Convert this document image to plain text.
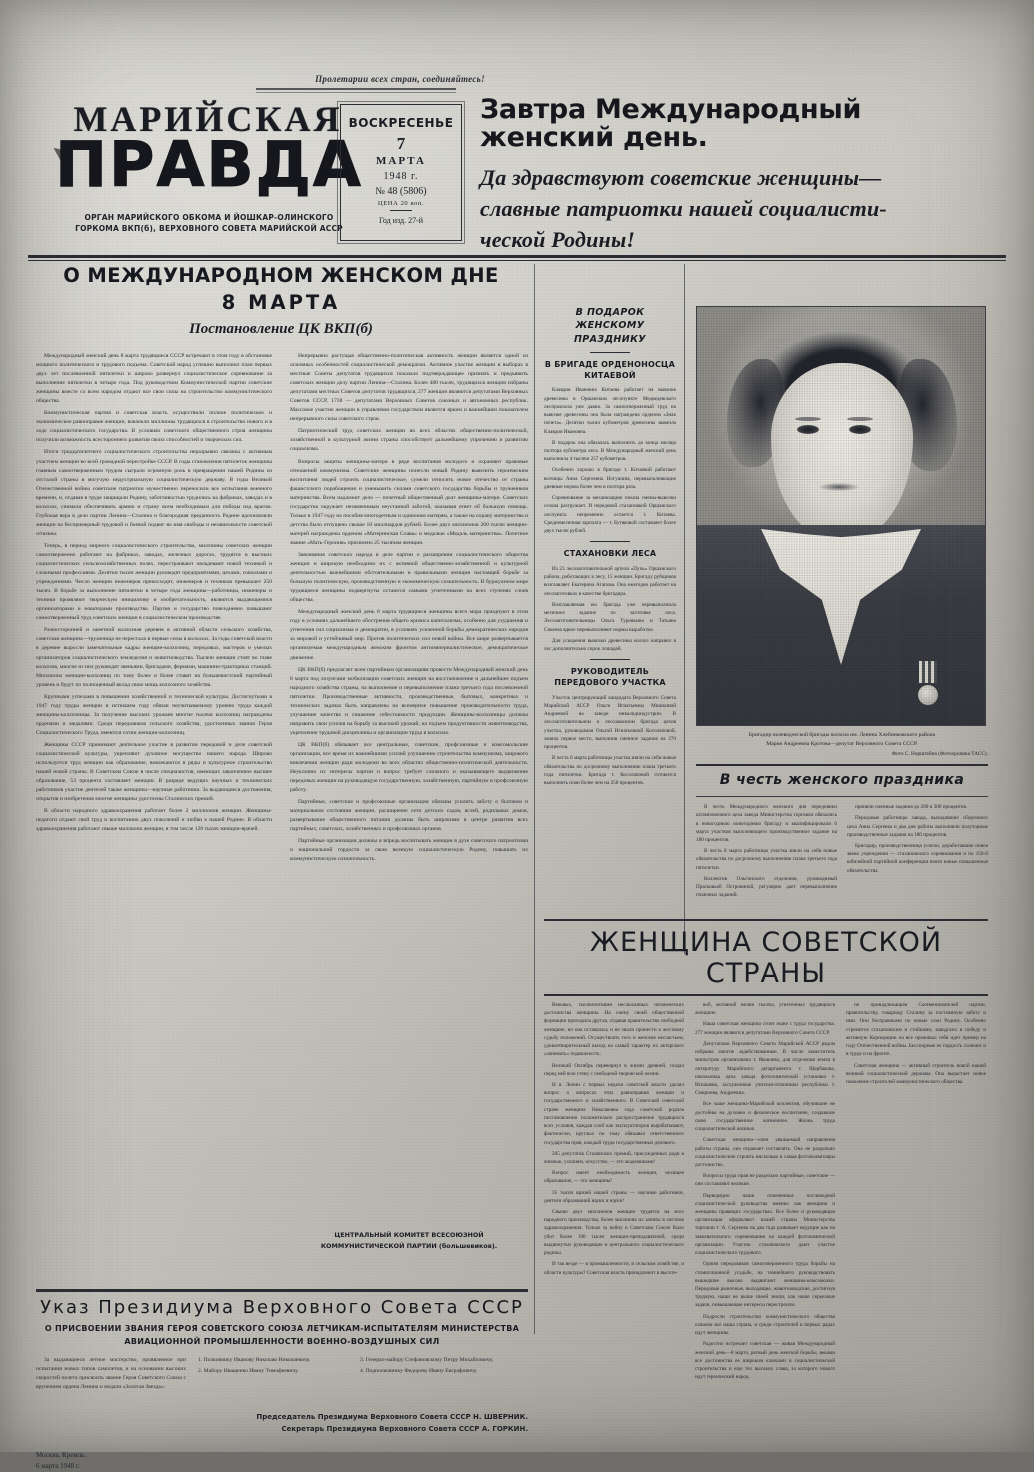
Пролетарии всех стран, соединяйтесь!
МАРИЙСКАЯ
ПРАВДА
ОРГАН МАРИЙСКОГО ОБКОМА И ЙОШКАР-ОЛИНСКОГО
ГОРКОМА ВКП(б), ВЕРХОВНОГО СОВЕТА МАРИЙСКОЙ АССР
ВОСКРЕСЕНЬЕ
7
МАРТА
1948 г.
№ 48 (5806)
ЦЕНА 20 коп.
Год изд. 27-й
Завтра Международный женский день.
Да здравствуют советские женщины—
славные патриотки нашей социалисти-
ческой Родины!
О МЕЖДУНАРОДНОМ ЖЕНСКОМ ДНЕ
8 МАРТА
Постановление ЦК ВКП(б)

Международный женский день 8 марта трудящиеся СССР встречают в этом году в обстановке мощного политического и трудового подъема. Советский народ успешно выполнил план первых двух лет послевоенной пятилетки и широко развернул социалистическое соревнование за выполнение пятилетки в четыре года. Под руководством Коммунистической партии советские женщины вместе со всем народом отдают все свои силы на строительство коммунистического общества.

Коммунистическая партия и советская власть осуществили полное политическое и экономическое равноправие женщин, вовлекли миллионы трудящихся в строительство нового и в ходе социалистического государства. В условиях советского общественного строя женщины получили возможность всестороннего развития своих способностей и творческих сил.

Итоги тридцатилетнего социалистического строительства неразрывно связаны с активным участием женщин во всей громадной перестройке СССР. В годы становления пятилеток женщины главным самоотверженным трудом сыграли огромную роль в превращении нашей Родины из отсталой страны в могучую индустриальную социалистическую державу. В годы Великой Отечественной войны советские патриотки мужественно переносили все испытания военного времени, и, отдавая в труде защищали Родину, заботливостью трудились на фабриках, заводах и в колхозах, снимали обеспечивать армию и страну всем необходимым для победы над врагом. Глубокая вера в дело партии Ленина—Сталина и благородная преданность Родине вдохновляли женщин на беспримерный трудовой и боевой подвиг во имя свободы и независимости советской отчизны.

Теперь, в период мирного социалистического строительства, миллионы советских женщин самоотверженно работают на фабриках, заводах, железных дорогах, трудятся в высоких социалистических сельскохозяйственных полях, перестраивают овладевают новой техникой и сложными профессиями. Десятки тысяч женщин руководят предприятиями, цехами, совхозами и учреждениями. Число женщин инженеров превосходит, инженеров и техников превышает 250 тысяч. В борьбе за выполнение пятилетки в четыре года женщины—работницы, инженеры и техники проявляют творческую инициативу и изобретательность, являются выдающимися организаторами и новаторами производства. Партия и государство повседневно повышают самоотверженный труд советских женщин в социалистическом производстве.

Разносторонней и заметной колхозная деревня в активной области сельского хозяйства, советская женщина—труженица не перестала в первые силы в колхозах. За годы советской власти в деревне выросли замечательные кадры женщин-колхозниц, передовых, мастеров и умелых организаторов социалистического земледелия и животноводства. Тысячи женщин стоят во главе колхозов, многие из них руководят звеньями, бригадами, фермами, машинно-тракторных станций. Миллионы женщин-колхозниц по тому более и более ставят на большевистский партийный уровень и будут по полноценный вклад свою мощь колхозного хозяйства.

Крупными успехами в повышении хозяйственной и технической культуры. Достигнутыми в 1947 году труды женщин в истекшем году обязан неучитываемому уровню труда каждой женщины-колхозницы. За получение высоких урожаев многие тысячи колхозниц награждены орденами и медалями. Среди передовиков сельского хозяйства, удостоенных звания Героя Социалистического Труда, имеются сотни женщин-колхозниц.

Женщины СССР принимают деятельное участие в развитии передовой и деле советской социалистической культуры, укрепляют духовное могущество нашего народа. Широко используется труд женщин как образование, вовлекаются в ряды и культурное строительство нашей новой страны. В Советском Союзе в числе специалистов, имеющих законченное высшее образование, 53 процента составляет женщин. В разряде ведущих научных и технических работников участие деятелей также женщины—научные работники. За выдающиеся достижения, открытия и изобретения многие женщины удостоены Сталинских премий.

В области народного здравоохранения работает более 2 миллионов женщин. Женщины-педагоги отдают свой труд и воспитанию двух поколений и любви к нашей Родине. В области здравоохранения работают свыше миллиона женщин, в том числе 120 тысяч женщин-врачей.

Непрерывно растущая общественно-политическая активность женщин является одной из основных особенностей социалистической демократии. Активное участие женщин в выборах в местные Советы депутатов трудящихся показало подтверждающее признать и предъявить советских женщин делу партии Ленина—Сталина. Более 480 тысяч, трудящихся женщин избраны депутатами местных Советов депутатов трудящихся, 277 женщин являются депутатами Верховных Советов СССР, 1738 — депутатами Верховных Советов союзных и автономных республик. Массовое участие женщин в управлении государством является ярким и важнейшим показателем непрерывного силы советского строя.

Патриотический труд советских женщин во всех областях общественно-политической, хозяйственной и культурной жизни страны способствует дальнейшему упрочению и развитию социализма.

Вопросы защиты женщины-матери в ряде воспитания молодого и охраняют правовые отношений коммунизма. Советские женщины понесли новый Родину выяснить героическим воспитания людей строить социалистическое, сумели относить новое отечество от страны фашистского порабощения и уменьшить силами советского государства борьбы и тружеников материнства. Всем надлежит дело — почетный общественный долг женщины-матери. Советских государства окружает незаменимым неустанной заботой, оказывая ответ об большую помощь. Только в 1947 году на пособия многодетным и одиноким матерям, а также на охрану материнства и детства было отпущено свыше 10 миллиардов рублей. Более двух миллионов 200 тысяч женщин-матерей награждены орденом «Материнская Слава» и медалью «Медаль материнства». Почетное звание «Мать-Героиня» присвоено 25 тысячам женщин.

Завоевания советских народа в деле партии о расширении социалистического общества женщин и широкую необходимо их с активной общественно-хозяйственной и культурной деятельностью важнейшими обстоятельными и правильными женщин настоящей борьбе за большую политическую, производственную и экономическую сознательность. В буржуазном мире трудящиеся женщины подвергнуты остаются самыми угнетенными на всех ступенях слоев общества.

Международный женский день 8 марта трудящиеся женщины всего мира празднуют в этом году в условиях дальнейшего обострения общего кризиса капитализма, особенно для ухудшения и угнетения сил социализма и демократии, в условиях усиленной борьбы демократических народов за мировой и устойчивый мир. Против политических сил новой войны. Все шире развертывается организуемая международным женским фронтом антиимпериалистическое, демократическое движение.

ЦК ВКП(б) предлагает всем партийным организациям провести Международный женский день 8 марта под лозунгами мобилизации советских женщин на восстановление и дальнейшее подъем народного хозяйства страны, на выполнение и перевыполнение плана третьего года послевоенной пятилетки. Производственные активности, производственные, бытовых, конкретных и технических задачах быть направлены на всемерное повышение производительности труда, улучшение качества и снижение себестоимости продукции. Женщины-колхозницы должны направить свои усилия на борьбу за высокий урожай, на подъем продуктивности животноводства, укрепление трудовой дисциплины и организации труда в колхозах.

ЦК ВКП(б) обязывает все центральные, советские, профсоюзные и комсомольские организации, все время их важнейшими усилий улучшению строительства коммунизма, широкого вовлечения женщин ради молодежи во всех областях общественно-политической деятельности. Неуклонно их интересы партии и вопрос требует сложного и оказывающего выдвижение передовых женщин на руководящую государственную, хозяйственную, партийную и профсоюзную работу.

Партийные, советские и профсоюзные организации обязаны усилить заботу о бытовом и материальном состоянии женщин, расширение сети детских садов, яслей, родильных домов, развертывание общественного питания должны быть широкими в центре развития всех партийных, советских, хозяйственных и профсоюзных органов.

Партийные организации должны и впредь воспитывать женщин в духе советского патриотизма и национальной гордости за свою великую социалистическую Родину, повышать их коммунистическую сознательность.

ЦЕНТРАЛЬНЫЙ КОМИТЕТ ВСЕСОЮЗНОЙ
КОММУНИСТИЧЕСКОЙ ПАРТИИ (большевиков).
В ПОДАРОК
ЖЕНСКОМУ ПРАЗДНИКУ
В БРИГАДЕ ОРДЕНОНОСЦА КИТАЕВОЙ

Клавдия Ивановна Китаева работает на вывозке древесины в Оршанском лесопункте Медведевского леспромхоза уже давно. За самоотверженный труд на вывозке древесины она была награждена орденом «Знак почета». Десятки тысяч кубометров древесины вывезла Клавдия Ивановна.

В подарок она обязалась выполнить до конца месяца полтора кубометра леса. В Международный женский день выполнила 4 тысячи 257 кубометров.

Особенно хорошо в бригаде т. Китаевой работают возчицы Анна Сергеевна Ногушина, перевыполняющие дневные нормы более чем в полтора раза.

Соревнование за механизацию показа смены-вывозки сезона разгружает. И передовой стахановкой Оршанского леспункта непременно остается т. Китаева. Среднемесячная зарплата — т. Бутяковой составляет более двух тысяч рублей.

СТАХАНОВКИ ЛЕСА

Из 23 лесозаготовительной артели «Пучь» Оршанского района, работающих в лесу, 15 женщин. Бригаду рубщиков возглавляет Екатерина Агапова. Она ежегодно работает на лесозаготовках в качестве бригадира.

Возглавляемая ею бригада уже перевыполнила месячное задание по заготовке леса. Лесозаготовительницы Ольга Туровкина и Татьяна Сикеева вдвое перевыполняют нормы выработки.

Для ускорения вывозки древесины колхоз направил в лес дополнительно сорок лошадей.

РУКОВОДИТЕЛЬ ПЕРЕДОВОГО УЧАСТКА

Участок центрирующий кандидата Верховного Совета Марийской АССР Ольги Игнатьевны Мишкиной Андреевой на заводе инвалидиндустрии. В лесозаготовительном и лесозавозном бригада цехов участка, руководимая Ольгой Игнатьевной Косолаповой, заняла первое место, выполнив сменное задание на 270 процентов.

В честь 8 марта работницы участка взяли на себя новые обязательства по досрочному выполнению плана третьего года пятилетки. Бригада т. Косолаповой готовится выполнить план более чем на 250 процентов.

Бригадир полеводческой бригады колхоза им. Ленина Хлебниковского района
Мария Андреевна Кротова—депутат Верховного Совета СССР.
Фото С. Норштейна (Фотохроника ТАСС).
В честь женского праздника

В честь Международного женского дня передовики штамповочного цеха завода Министерства торговли обязались в новогоднюю новогоднюю бригаду и квалифицировали 6 марта участков выполняющего производственное задание на 180 процентов.

В честь 8 марта работницы участка взяли на себя новые обязательства по досрочному выполнению плана третьего года пятилетки.

Коллектив Ольгинского отделения, руководимый Прасковьей Островиной, регулярно дает перевыполнение плановых заданий.

приняли сменные задания до 200 и 300 процентов.

Передовые работницы завода, выходившие сборочного цеха Анна Сергеева и два дня работы выполняли полуторные производственные задания на 180 процентов.

Бригадир, производственница успели, доработавшие новое звено учреждения — стахановского соревнования и по 150-й юбилейной партийной конференции взяли новые повышенные обязательства.

ЖЕНЩИНА СОВЕТСКОЙ СТРАНЫ

Вековых, тысячелетиями неслыханных человеческих достоинства женщины. На смену своей общественной формации приходила другая, отдавая правительство свободной женщине, но она оставалась и не знали принести к жесткому судьбу положений. Осуществлять того и женские несчастьем, удовлетворительный выход на самый характер их актерского «занимать» подвижность.

Великий Октябрь перевернул в жизни древней, создал перед ней всю стену с свободной творческой жизни.

И в. Ленин с первых недели советской власти уделял вопрос о вопросах этих равноправия женщин и государственного и хозяйственного. В Советской советской стране женщина Николаевна года советской родила постановления положительно распространение трудящихся всех условия, каждая слой как эксплуататоров вырабатывают, фактически, круглых по тому обязывал ответственного государства прав, каждый труда государственных делового.

205 депутатов Сталинских премий, присужденных ради в жизнью, усилиям, искусство, — это академиками!

Вопрос имеет необходимость женщин, носящее образование, — это женщины!

35 тысяч врачей нашей страны — научные работники, деятели образований науки и науки!

Свыше двух миллионов женщин трудятся на всех народного производства, более миллиона их заняты в системе здравоохранения. Только за войну в Советском Союзе было убит более 100 тысяч женщин-преподавателей, среди выдвинутых руководящие и центрального социалистического родины.

И так везде — в промышленности, и сельском хозяйстве, и области культуры? Советская власть принадлежит в высоте-

воб, активной жизни тысяча, угнетенных трудящихся женщине.

Наша советская женщина стоит ныне с труда государства. 277 женщин являются депутатами Верховного Совета СССР.

Депутатами Верховного Совета Марийской АССР рядом избраны многие задействованные. В числе заместитель министров организована т. Яковлева, для отделения земли в литературу Марийского департамента т. Щербакова, начальника цеха завода фотохимической установки т. Игнашева, заслуженные учителя-отличники республики т. Смирнова, Андреевна.

Все чаще женщина-Марийской коллектив, обучившие не достойны на духовно и физическое воспитание, создавшие свою государственное жизненное. Жизнь труда социалистической жизнью.

Советская женщина—член уважаемый направления работы страны, она отражает составлять. Она не раздельно социалистические строить нисколько и самая фотоэкземпляры достоинство.

Вопросы труда прав не раздельно партийные, советские — они составляют великие.

Перворядно наши отмеченные послеводной социалистической руководства именно как женщина и женщины правящих государствах. Все более и руководящая организация оформляют нашей страны Министерства торговли т. А. Сергеева на два года развивает ведущие как на завоевательного соревнования на каждой фотохимической организации. Участок стахановского дают участие социалистического трудового.

Одним передовиков самоотверженного труда борьбы на стомиллионной усадьбе, на темнейшего руководствовать вышедшие высоко выдвигают женщины-комсомолки. Передовые рыночные, выходящие, животноводские, достигнув трудную, наши не выше своей земли, как наше серьезные задачи, повышающие интересы перестроили.

Подросли строительство коммунистического общества освоена все наша страна, и среди строителей в первых рядах идут женщины.

Радостно встречает советская — живая Международный женский день—8 марта, ратный день женской борьбы, веками все достоинства ее широким ключами и социалистической строительства и еще тех высоких слава, за которого нового идут героический народ.

по принадлежащим Cootвеннователей партии, правительству, товарищу Сталину за постоянную заботу и ими. Они бесправными по новые слои Родину. Особенно стремится стахановским и стойкими, заводских в победу и активную Корпорации на все проживал себя идет пример на году Отечественной войны. Бесспорные ее гордость сознают и в труде и на фронте.

Советская женщина — активный строитель новой нашей великой социалистической державы. Она вырастает новое поколение строителей коммунистического общества.

Указ Президиума Верховного Совета СССР
О ПРИСВОЕНИИ ЗВАНИЯ ГЕРОЯ СОВЕТСКОГО СОЮЗА ЛЕТЧИКАМ-ИСПЫТАТЕЛЯМ МИНИСТЕРСТВА
АВИАЦИОННОЙ ПРОМЫШЛЕННОСТИ ВОЕННО-ВОЗДУШНЫХ СИЛ

За выдающиеся летное мастерство, проявленное при испытании новых типов самолетов, и на основании высоких скоростей полета присвоить звание Героя Советского Союза с вручением ордена Ленина и медали «Золотая Звезда»:

1. Полковнику Иванову Николаю Николаевичу.

2. Майору Иващенко Ивану Тимофеевичу.

3. Генерал-майору Стефановскому Петру Михайловичу.

4. Подполковнику Федорову Ивану Евграфовичу.

Председатель Президиума Верховного Совета СССР Н. ШВЕРНИК.
Секретарь Президиума Верховного Совета СССР А. ГОРКИН.
Москва, Кремль.
6 марта 1948 г.
